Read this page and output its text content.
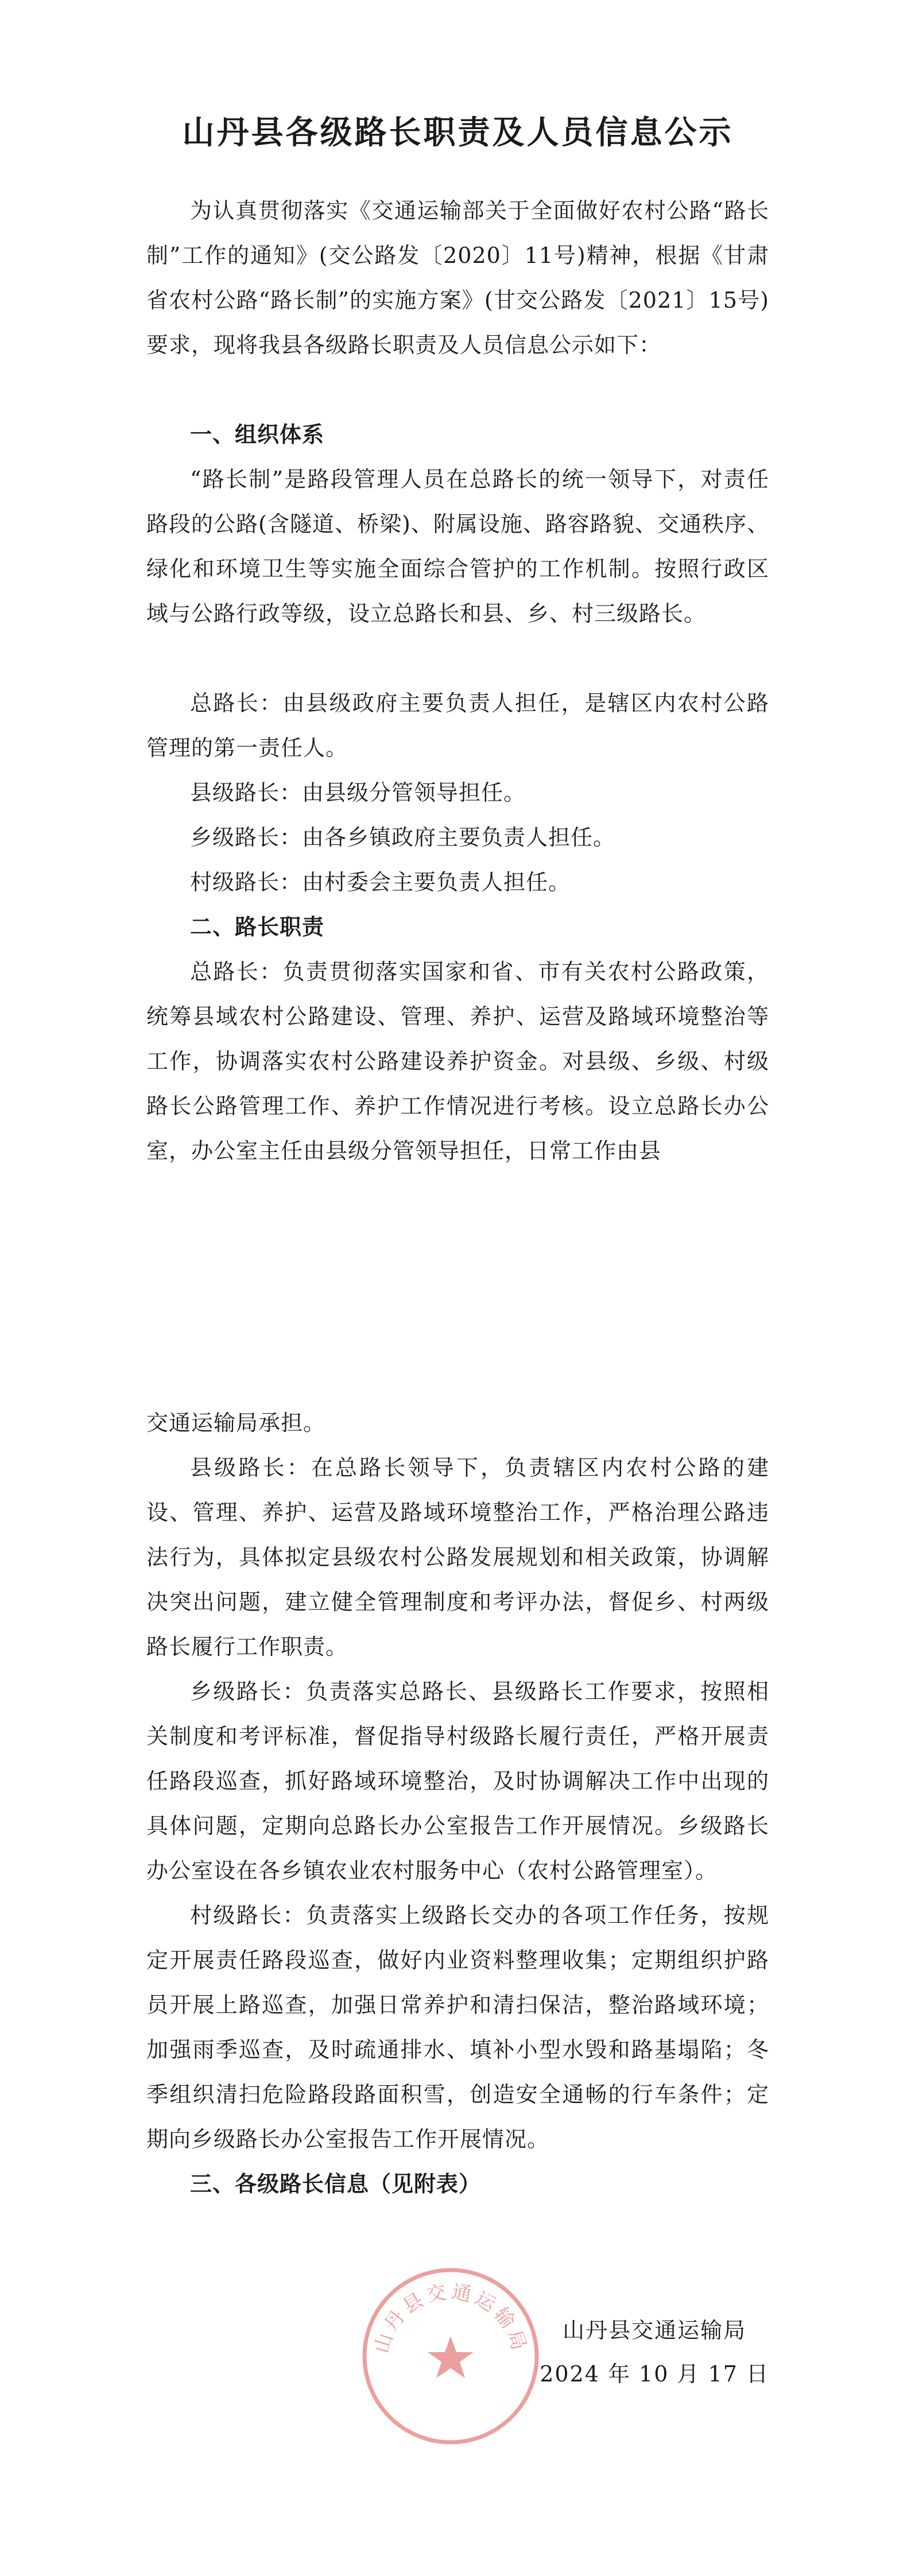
山丹县各级路长职责及人员信息公示

为认真贯彻落实《交通运输部关于全面做好农村公路“路长制”工作的通知》(交公路发〔2020〕11号)精神，根据《甘肃省农村公路“路长制”的实施方案》(甘交公路发〔2021〕15号)要求，现将我县各级路长职责及人员信息公示如下：

一、组织体系

“路长制”是路段管理人员在总路长的统一领导下，对责任路段的公路(含隧道、桥梁)、附属设施、路容路貌、交通秩序、绿化和环境卫生等实施全面综合管护的工作机制。按照行政区域与公路行政等级，设立总路长和县、乡、村三级路长。

总路长：由县级政府主要负责人担任，是辖区内农村公路管理的第一责任人。

县级路长：由县级分管领导担任。

乡级路长：由各乡镇政府主要负责人担任。

村级路长：由村委会主要负责人担任。

二、路长职责

总路长：负责贯彻落实国家和省、市有关农村公路政策，统筹县域农村公路建设、管理、养护、运营及路域环境整治等工作，协调落实农村公路建设养护资金。对县级、乡级、村级路长公路管理工作、养护工作情况进行考核。设立总路长办公室，办公室主任由县级分管领导担任，日常工作由县

交通运输局承担。

县级路长：在总路长领导下，负责辖区内农村公路的建设、管理、养护、运营及路域环境整治工作，严格治理公路违法行为，具体拟定县级农村公路发展规划和相关政策，协调解决突出问题，建立健全管理制度和考评办法，督促乡、村两级路长履行工作职责。

乡级路长：负责落实总路长、县级路长工作要求，按照相关制度和考评标准，督促指导村级路长履行责任，严格开展责任路段巡查，抓好路域环境整治，及时协调解决工作中出现的具体问题，定期向总路长办公室报告工作开展情况。乡级路长办公室设在各乡镇农业农村服务中心（农村公路管理室）。

村级路长：负责落实上级路长交办的各项工作任务，按规定开展责任路段巡查，做好内业资料整理收集；定期组织护路员开展上路巡查，加强日常养护和清扫保洁，整治路域环境；加强雨季巡查，及时疏通排水、填补小型水毁和路基塌陷；冬季组织清扫危险路段路面积雪，创造安全通畅的行车条件；定期向乡级路长办公室报告工作开展情况。

三、各级路长信息（见附表）
山丹县交通运输局
2024 年 10 月 17 日
山丹县交通运输局
